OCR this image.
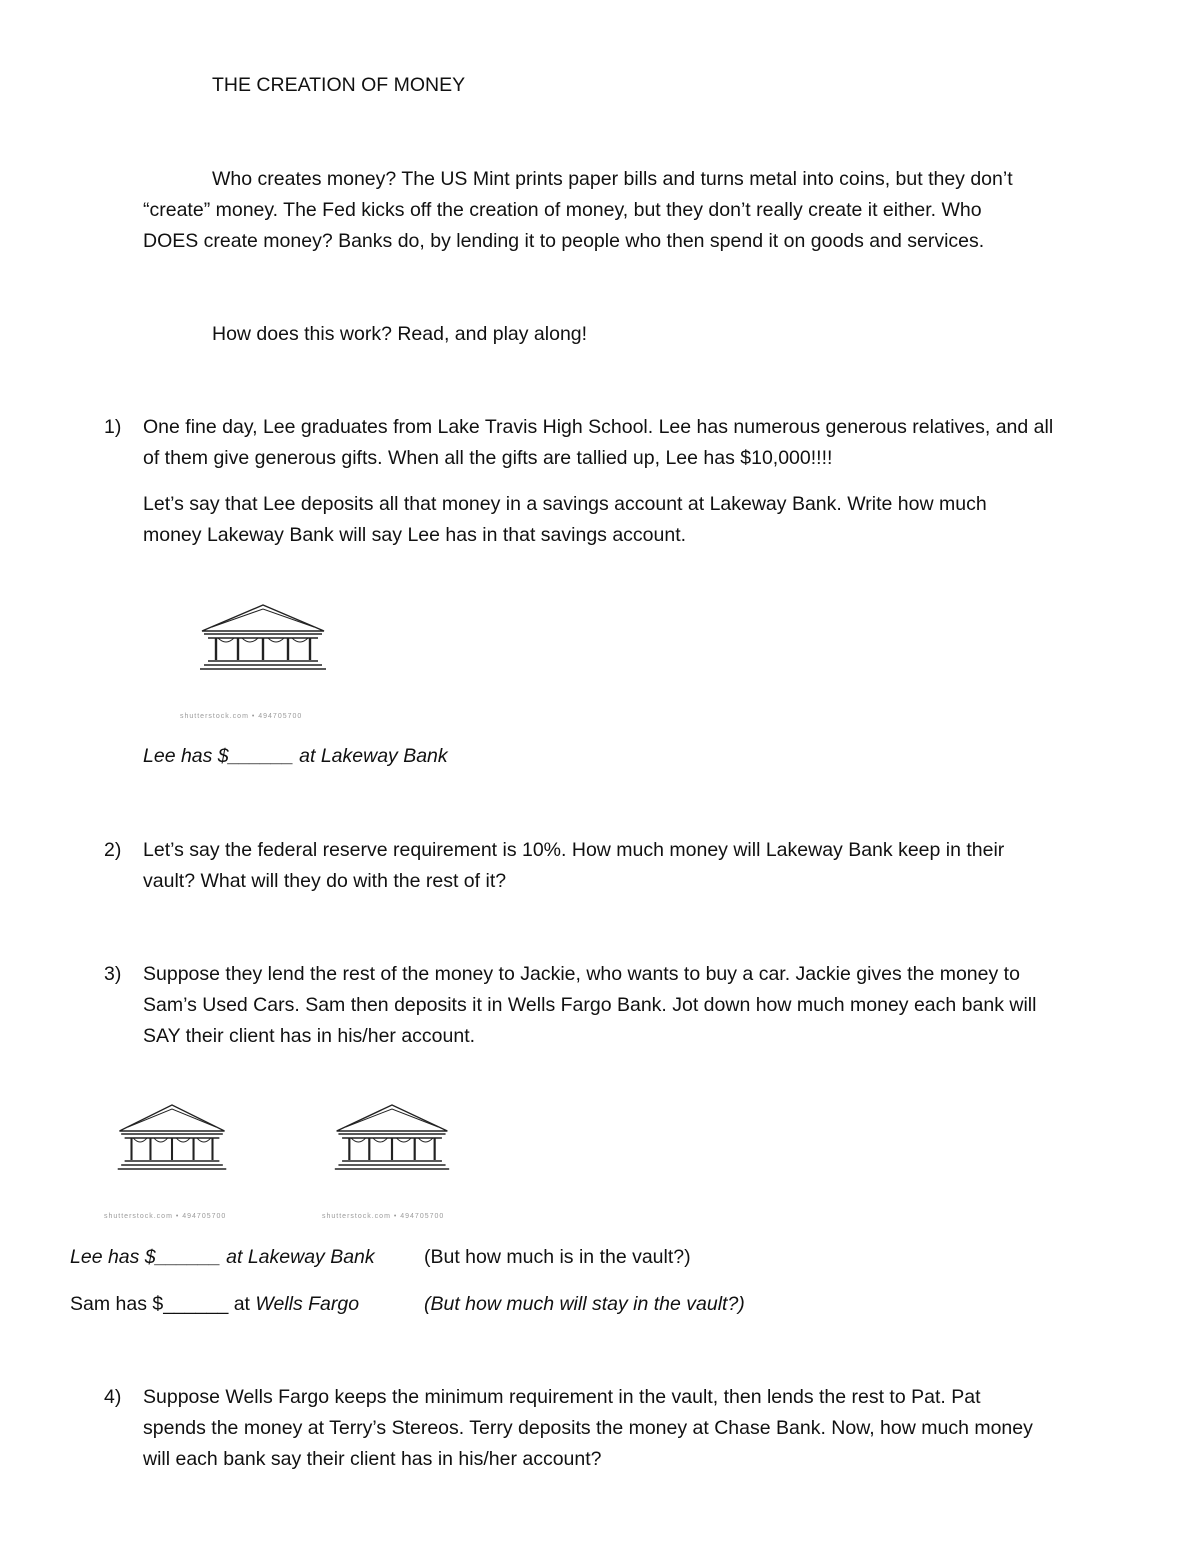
THE CREATION OF MONEY
Who creates money? The US Mint prints paper bills and turns metal into coins, but they don’t
“create” money. The Fed kicks off the creation of money, but they don’t really create it either. Who
DOES create money? Banks do, by lending it to people who then spend it on goods and services.
How does this work? Read, and play along!
1) One fine day, Lee graduates from Lake Travis High School. Lee has numerous generous relatives, and all
of them give generous gifts. When all the gifts are tallied up, Lee has $10,000!!!!
Let’s say that Lee deposits all that money in a savings account at Lakeway Bank. Write how much
money Lakeway Bank will say Lee has in that savings account.
shutterstock.com • 494705700
Lee has $______ at Lakeway Bank
2) Let’s say the federal reserve requirement is 10%. How much money will Lakeway Bank keep in their
vault? What will they do with the rest of it?
3) Suppose they lend the rest of the money to Jackie, who wants to buy a car. Jackie gives the money to
Sam’s Used Cars. Sam then deposits it in Wells Fargo Bank. Jot down how much money each bank will
SAY their client has in his/her account.
shutterstock.com • 494705700	shutterstock.com • 494705700
Lee has $______ at Lakeway Bank	(But how much is in the vault?)
Sam has $______ at Wells Fargo	(But how much will stay in the vault?)
4) Suppose Wells Fargo keeps the minimum requirement in the vault, then lends the rest to Pat. Pat
spends the money at Terry’s Stereos. Terry deposits the money at Chase Bank. Now, how much money
will each bank say their client has in his/her account?
